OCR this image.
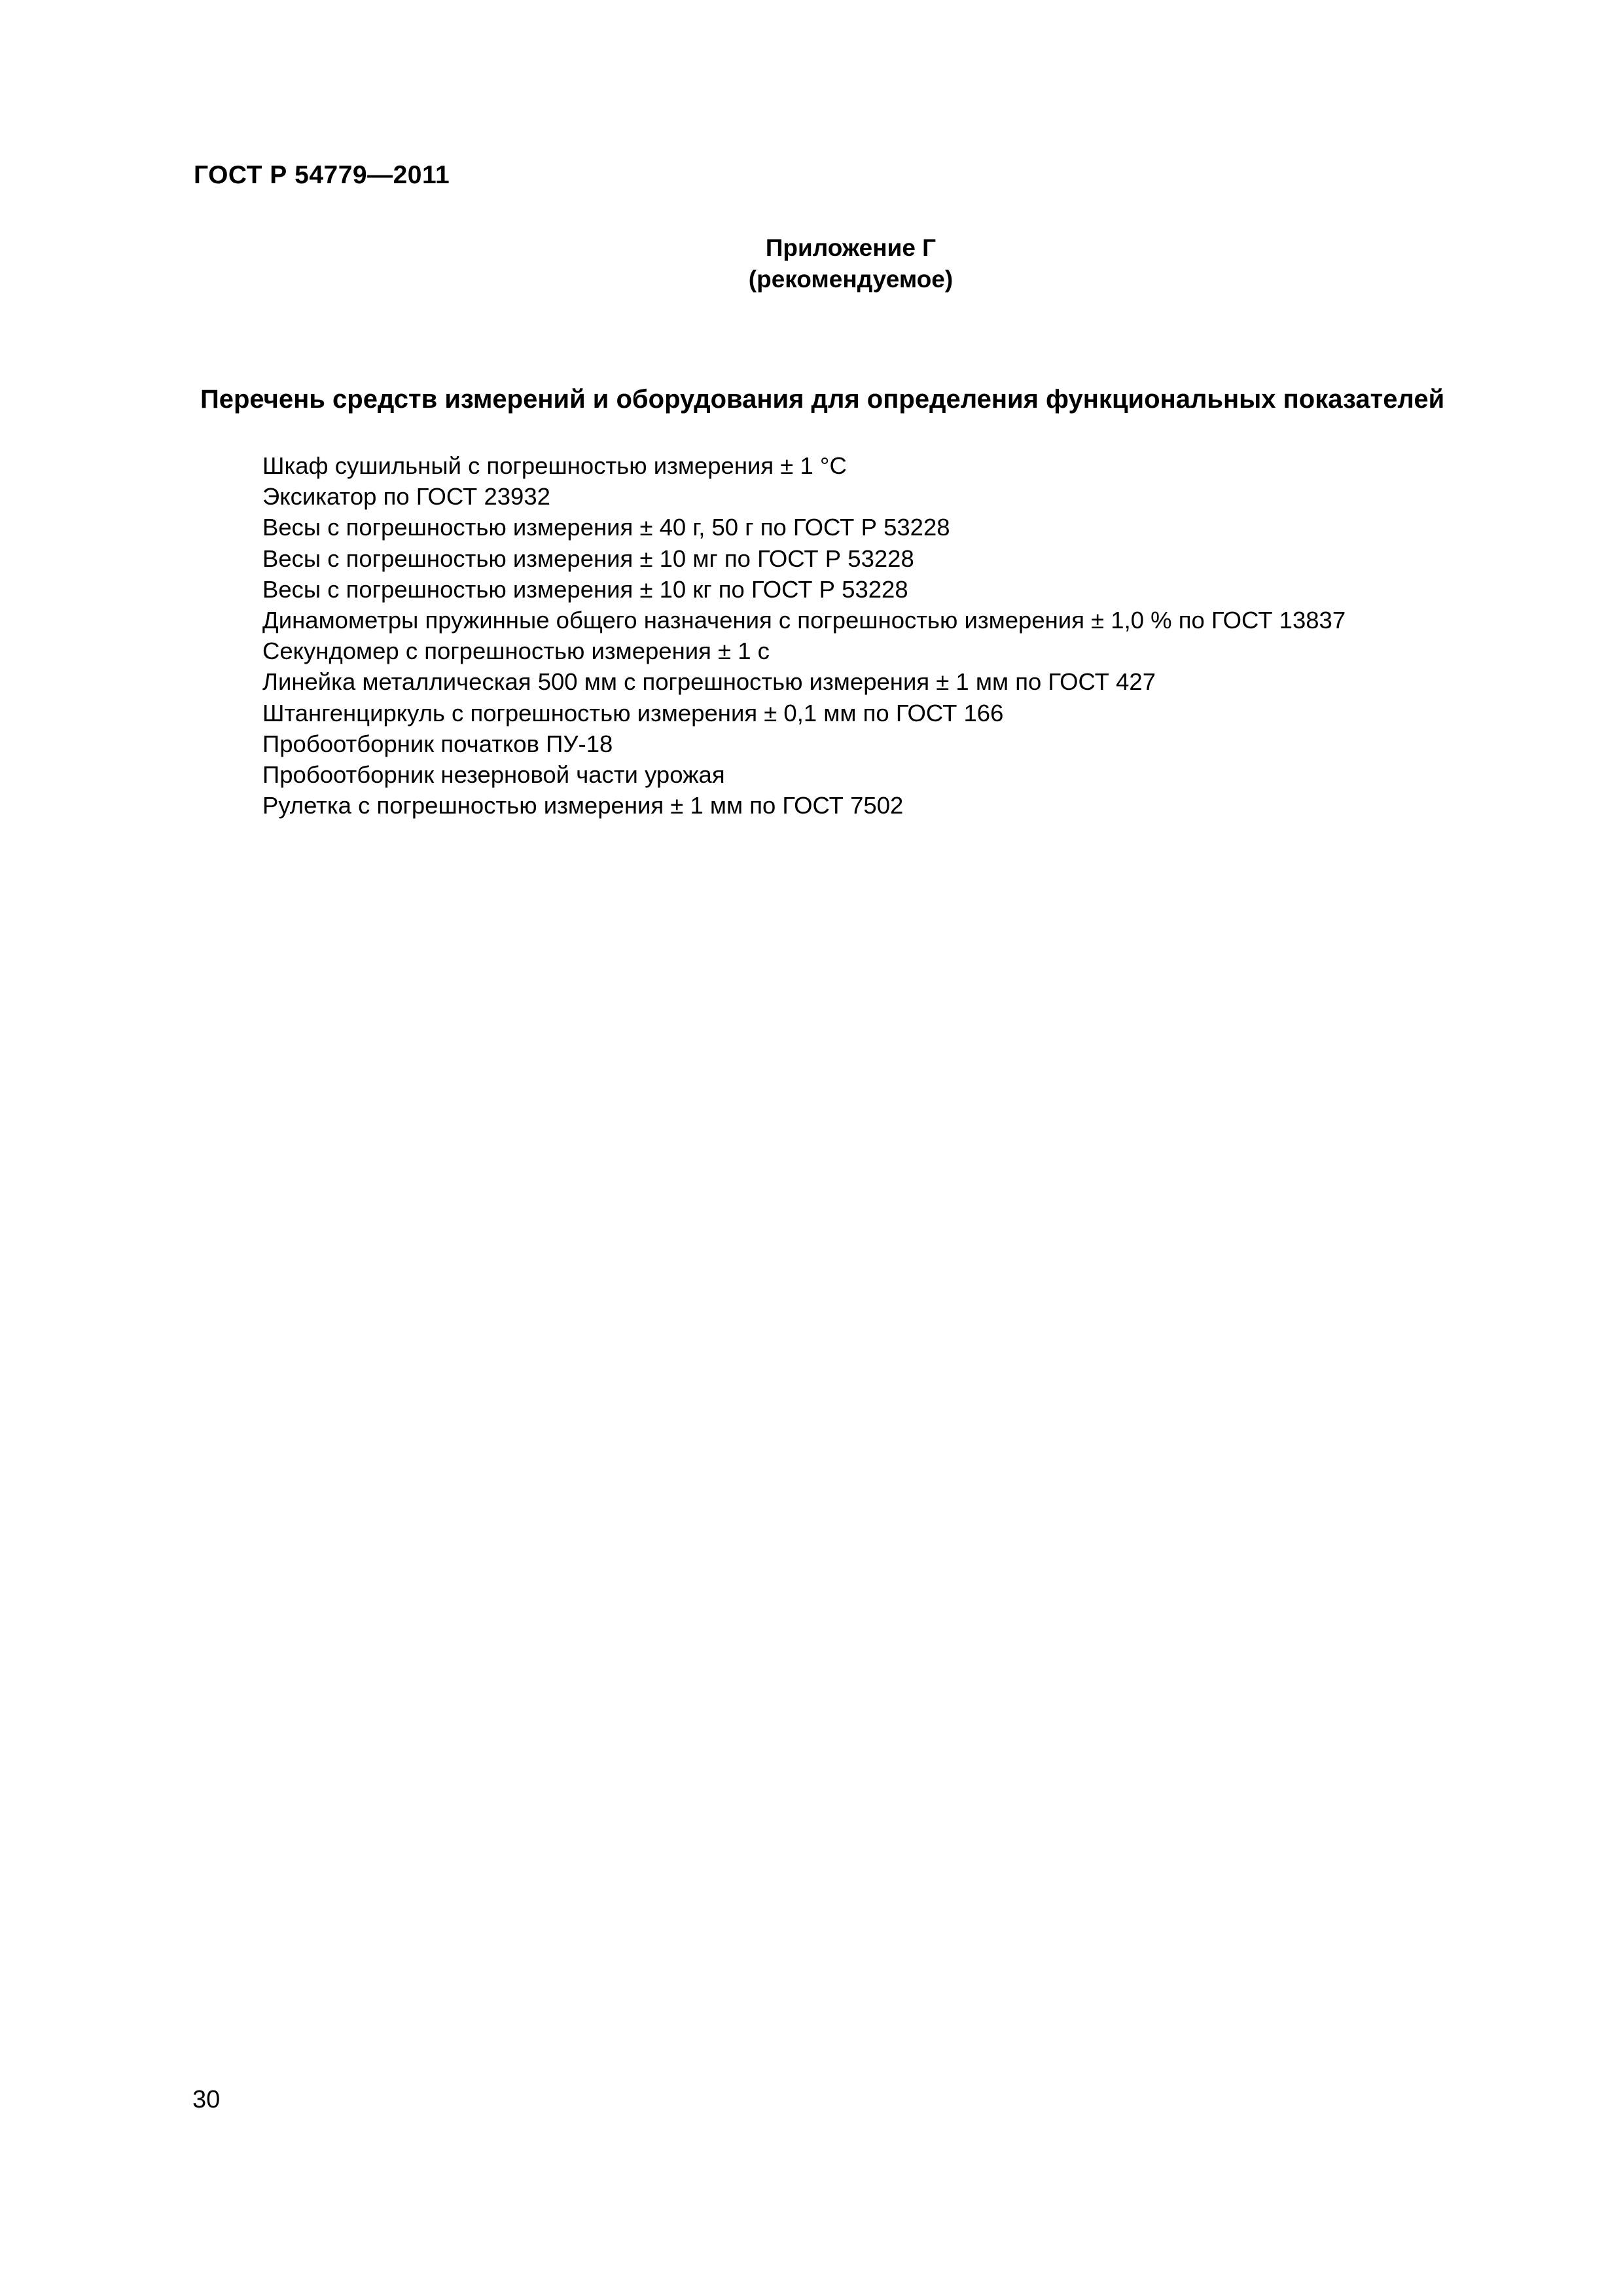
ГОСТ Р 54779—2011
Приложение Г
(рекомендуемое)
Перечень средств измерений и оборудования для определения функциональных показателей
Шкаф сушильный с погрешностью измерения ± 1 °С
Эксикатор по ГОСТ 23932
Весы с погрешностью измерения ± 40 г, 50 г по ГОСТ Р 53228
Весы с погрешностью измерения ± 10 мг по ГОСТ Р 53228
Весы с погрешностью измерения ± 10 кг по ГОСТ Р 53228
Динамометры пружинные общего назначения с погрешностью измерения ± 1,0 % по ГОСТ 13837
Секундомер с погрешностью измерения ± 1 с
Линейка металлическая 500 мм с погрешностью измерения ± 1 мм по ГОСТ 427
Штангенциркуль с погрешностью измерения ± 0,1 мм по ГОСТ 166
Пробоотборник початков ПУ-18
Пробоотборник незерновой части урожая
Рулетка с погрешностью измерения ± 1 мм по ГОСТ 7502
30
